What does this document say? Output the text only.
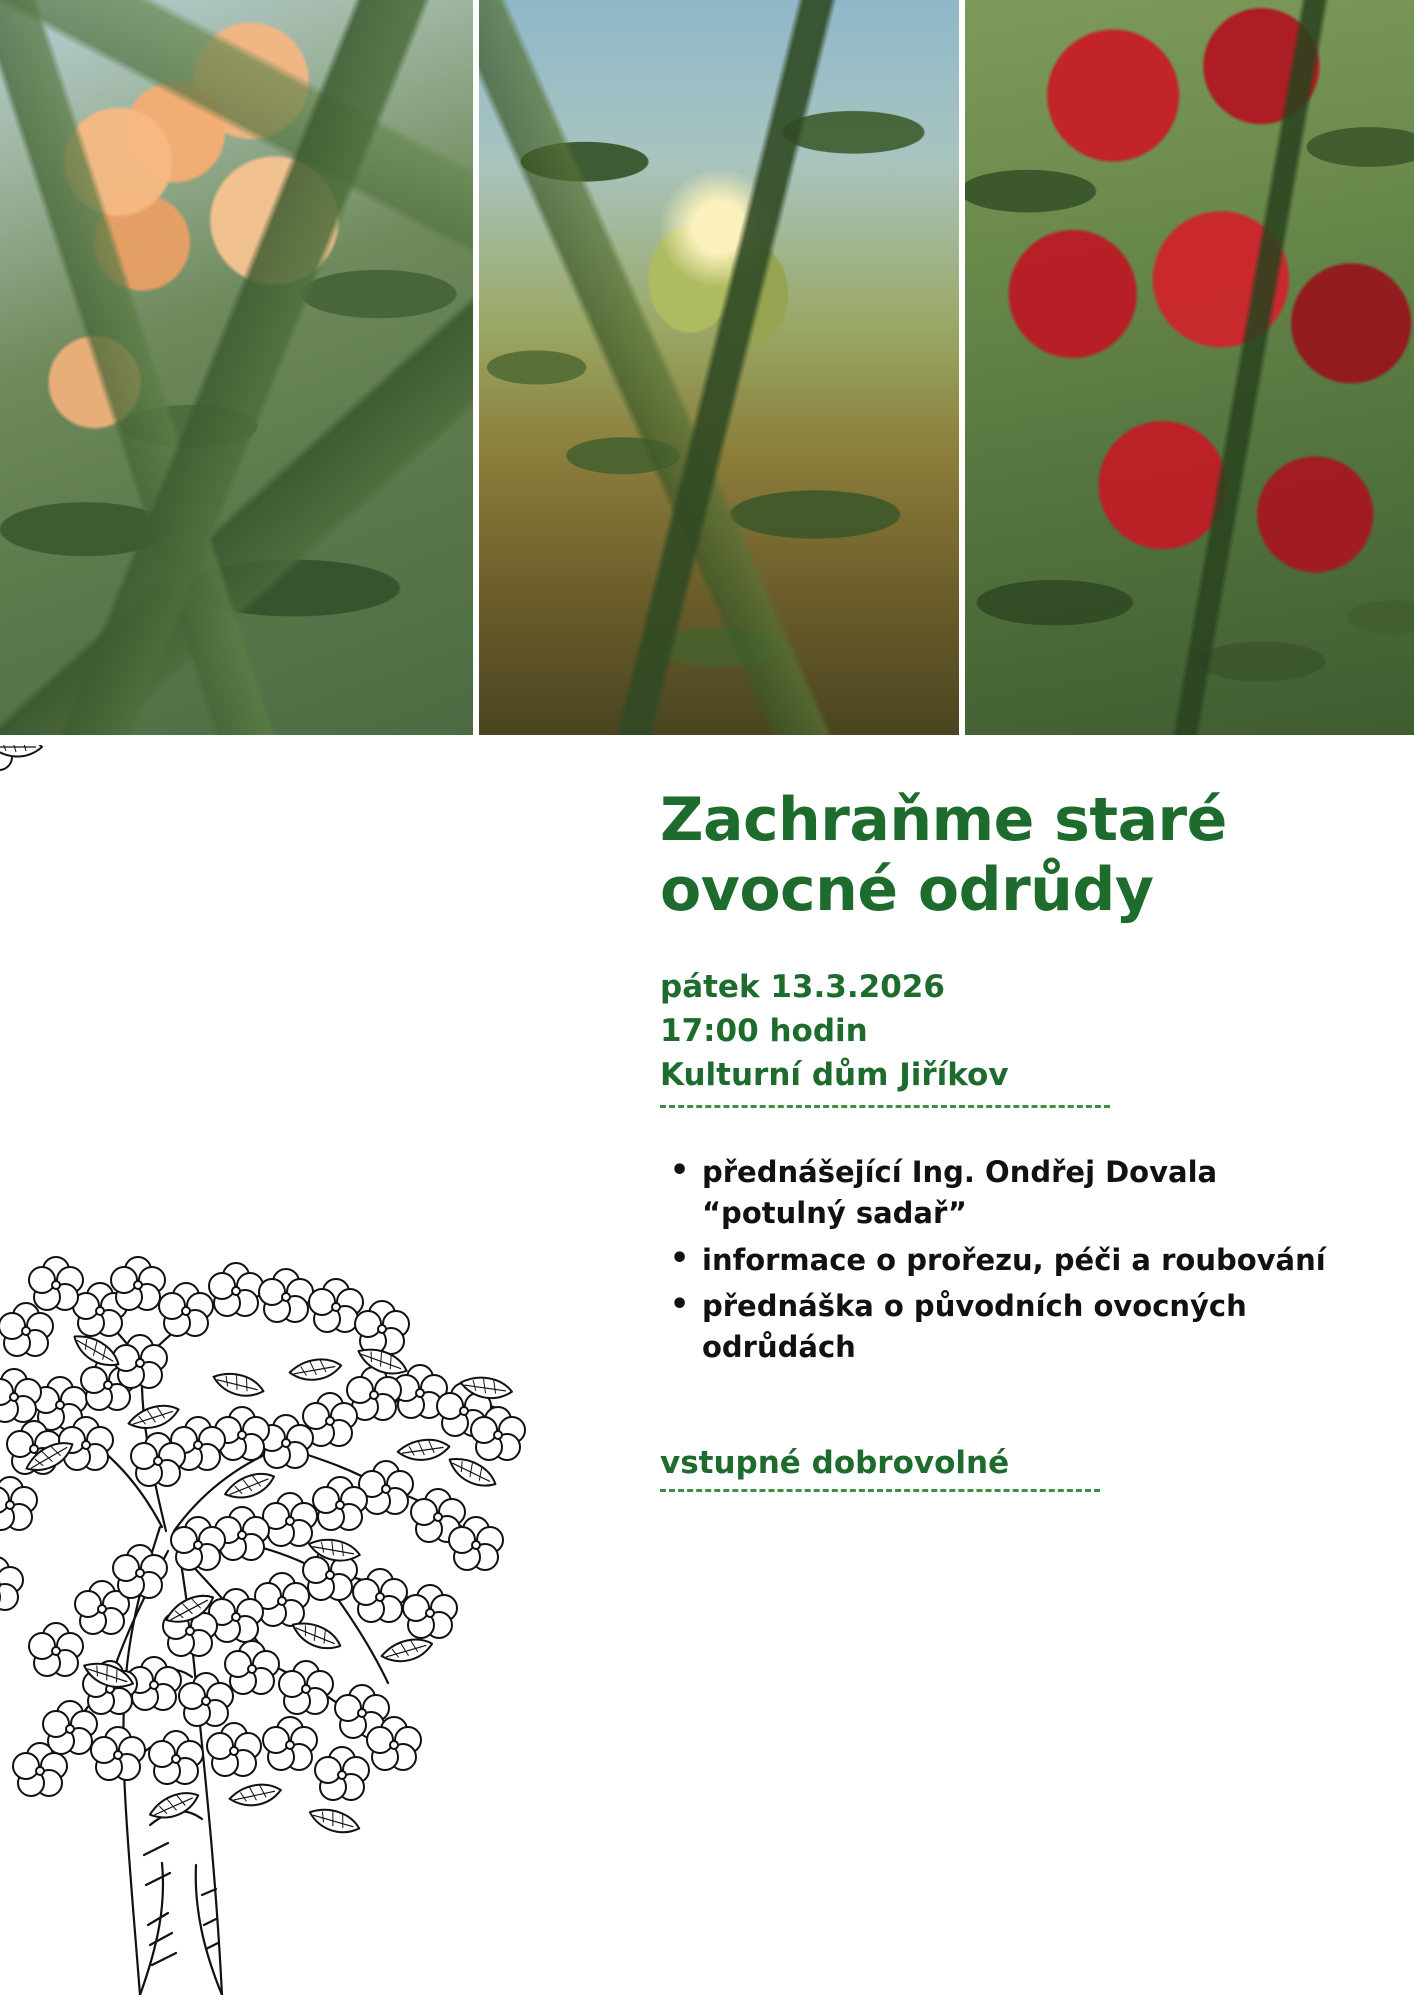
Zachraňme staré
ovocné odrůdy
pátek 13.3.2026
17:00 hodin
Kulturní dům Jiříkov
• přednášející Ing. Ondřej Dovala “potulný sadař”
• informace o prořezu, péči a roubování
• přednáška o původních ovocných odrůdách
vstupné dobrovolné
